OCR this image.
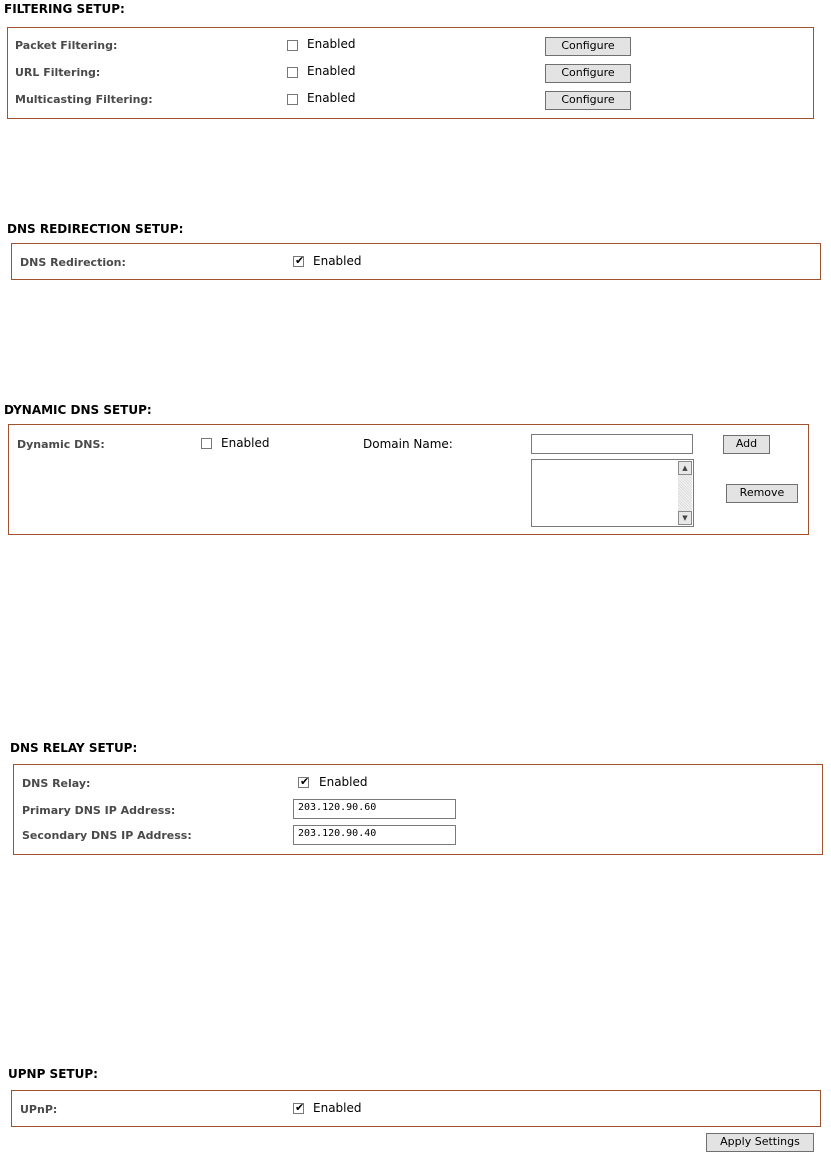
FILTERING SETUP:
Packet Filtering:	Enabled	Configure
URL Filtering:	Enabled	Configure
Multicasting Filtering:	Enabled	Configure
DNS REDIRECTION SETUP:
DNS Redirection:	✔ Enabled
DYNAMIC DNS SETUP:
Dynamic DNS:	Enabled	Domain Name:	Add
▲
▼
Remove
DNS RELAY SETUP:
DNS Relay:	✔ Enabled
Primary DNS IP Address:	203.120.90.60
Secondary DNS IP Address:	203.120.90.40
UPNP SETUP:
UPnP:	✔ Enabled
Apply Settings
